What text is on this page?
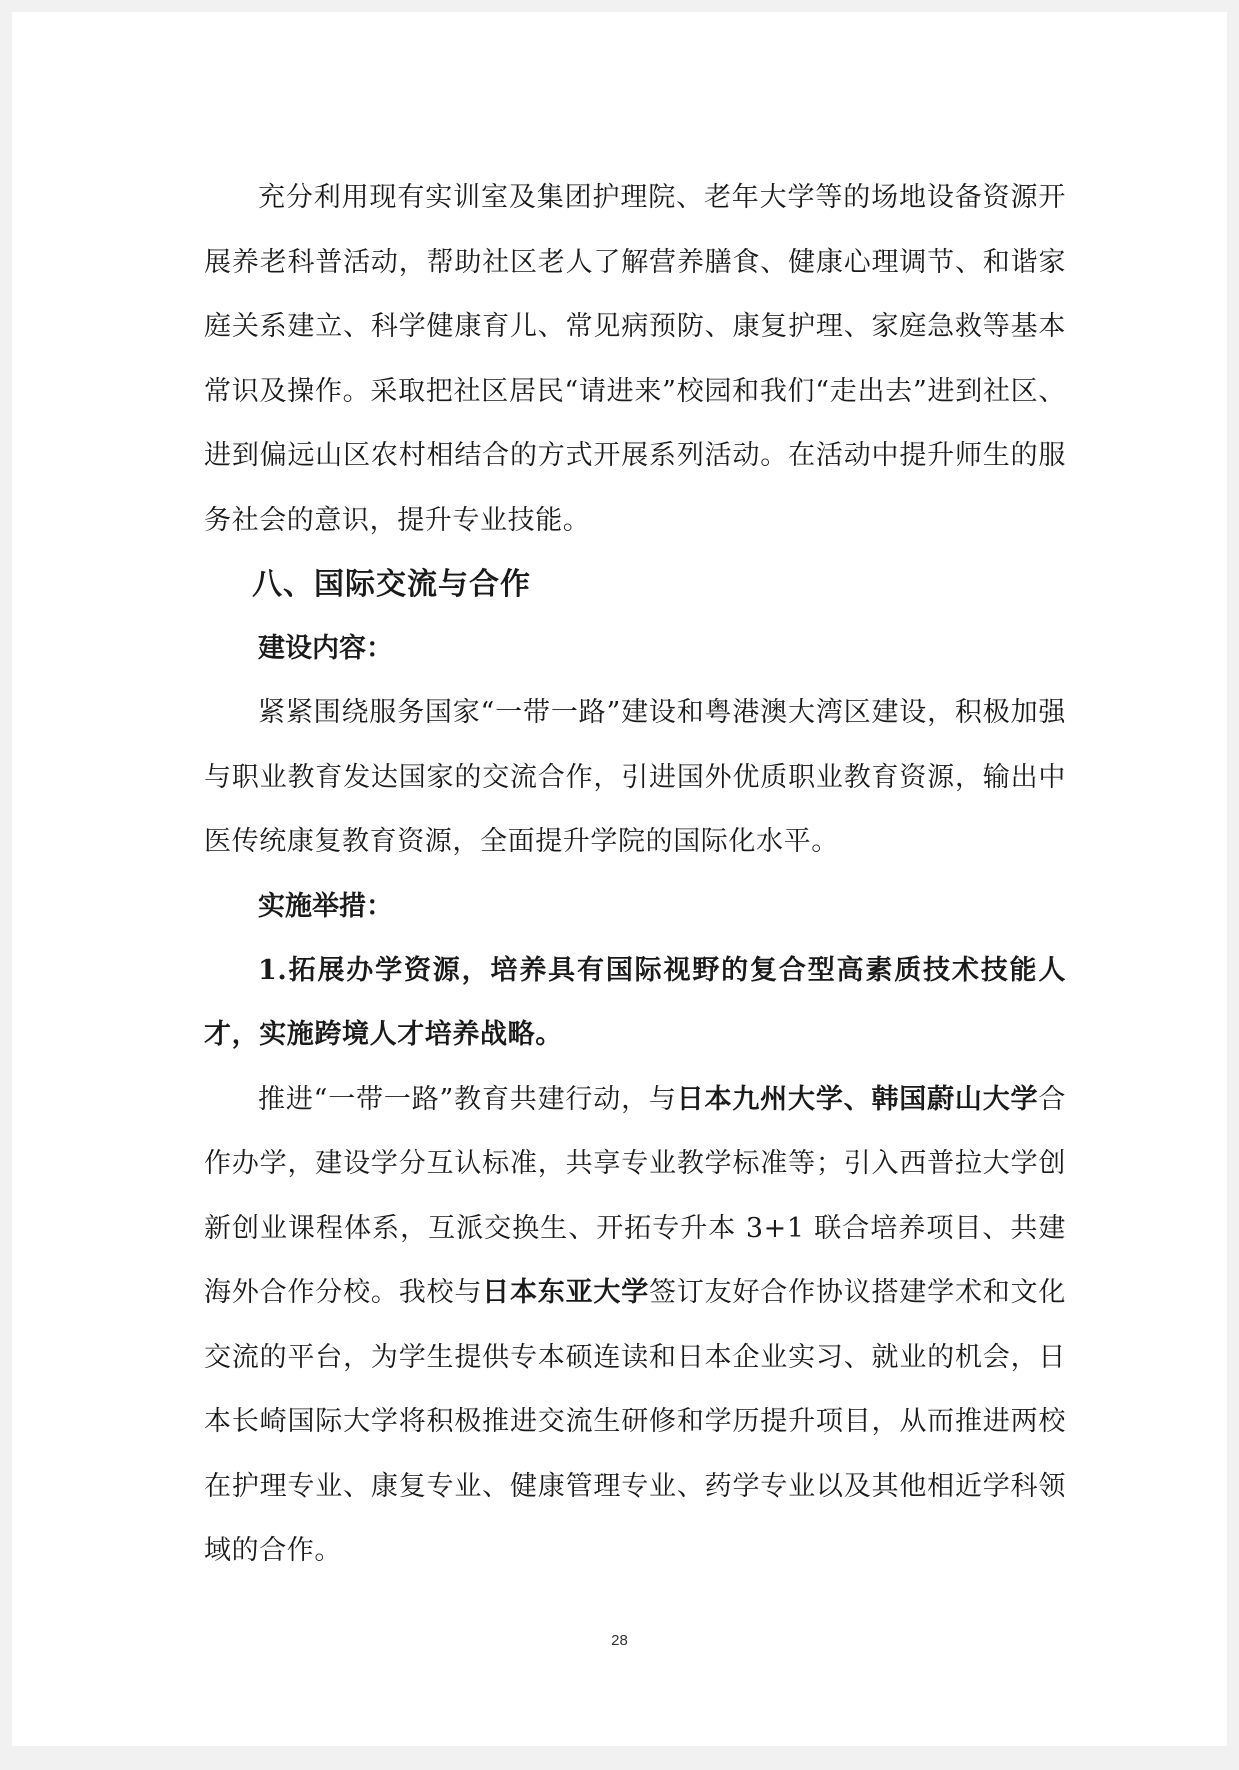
充分利用现有实训室及集团护理院、老年大学等的场地设备资源开展养老科普活动，帮助社区老人了解营养膳食、健康心理调节、和谐家庭关系建立、科学健康育儿、常见病预防、康复护理、家庭急救等基本常识及操作。采取把社区居民“请进来”校园和我们“走出去”进到社区、进到偏远山区农村相结合的方式开展系列活动。在活动中提升师生的服务社会的意识，提升专业技能。

八、国际交流与合作

建设内容：

紧紧围绕服务国家“一带一路”建设和粤港澳大湾区建设，积极加强与职业教育发达国家的交流合作，引进国外优质职业教育资源，输出中医传统康复教育资源，全面提升学院的国际化水平。

实施举措：

1.拓展办学资源，培养具有国际视野的复合型高素质技术技能人才，实施跨境人才培养战略。

推进“一带一路”教育共建行动，与日本九州大学、韩国蔚山大学合作办学，建设学分互认标准，共享专业教学标准等；引入西普拉大学创新创业课程体系，互派交换生、开拓专升本 3+1 联合培养项目、共建海外合作分校。我校与日本东亚大学签订友好合作协议搭建学术和文化交流的平台，为学生提供专本硕连读和日本企业实习、就业的机会，日本长崎国际大学将积极推进交流生研修和学历提升项目，从而推进两校在护理专业、康复专业、健康管理专业、药学专业以及其他相近学科领域的合作。

28
